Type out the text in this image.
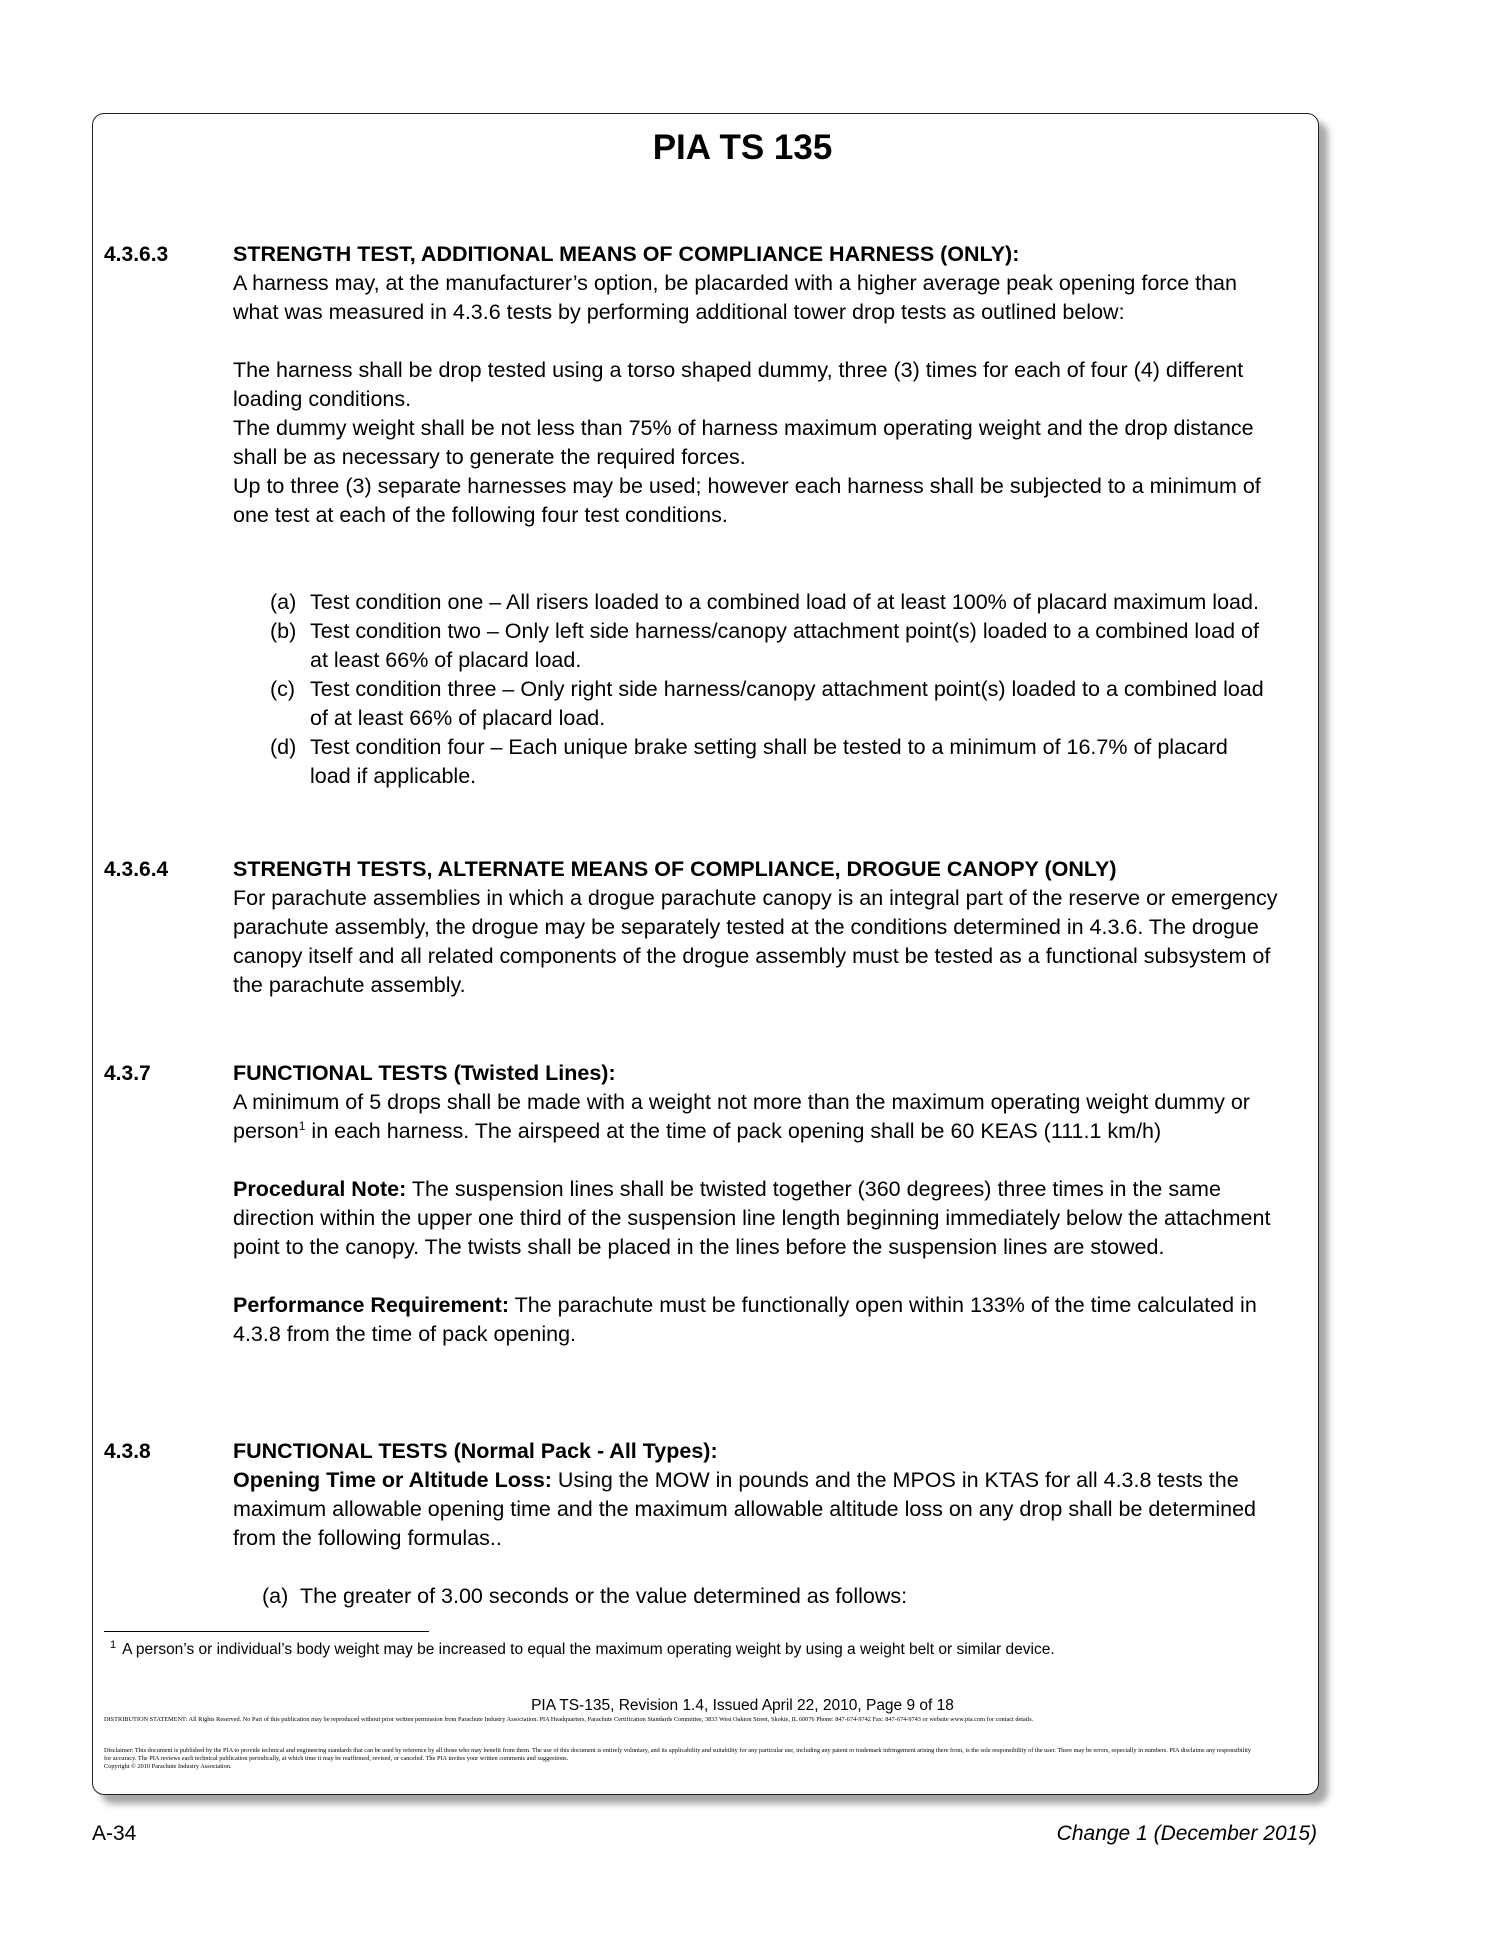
PIA TS 135
4.3.6.3	STRENGTH TEST, ADDITIONAL MEANS OF COMPLIANCE HARNESS (ONLY):

A harness may, at the manufacturer’s option, be placarded with a higher average peak opening force than what was measured in 4.3.6 tests by performing additional tower drop tests as outlined below:

The harness shall be drop tested using a torso shaped dummy, three (3) times for each of four (4) different loading conditions.

The dummy weight shall be not less than 75% of harness maximum operating weight and the drop distance shall be as necessary to generate the required forces.

Up to three (3) separate harnesses may be used; however each harness shall be subjected to a minimum of one test at each of the following four test conditions.

(a) Test condition one – All risers loaded to a combined load of at least 100% of placard maximum load.
(b) Test condition two – Only left side harness/canopy attachment point(s) loaded to a combined load of at least 66% of placard load.
(c) Test condition three – Only right side harness/canopy attachment point(s) loaded to a combined load of at least 66% of placard load.
(d) Test condition four – Each unique brake setting shall be tested to a minimum of 16.7% of placard load if applicable.
4.3.6.4	STRENGTH TESTS, ALTERNATE MEANS OF COMPLIANCE, DROGUE CANOPY (ONLY)

For parachute assemblies in which a drogue parachute canopy is an integral part of the reserve or emergency parachute assembly, the drogue may be separately tested at the conditions determined in 4.3.6. The drogue canopy itself and all related components of the drogue assembly must be tested as a functional subsystem of the parachute assembly.

4.3.7	FUNCTIONAL TESTS (Twisted Lines):

A minimum of 5 drops shall be made with a weight not more than the maximum operating weight dummy or person$^1$ in each harness. The airspeed at the time of pack opening shall be 60 KEAS (111.1 km/h)

Procedural Note: The suspension lines shall be twisted together (360 degrees) three times in the same direction within the upper one third of the suspension line length beginning immediately below the attachment point to the canopy. The twists shall be placed in the lines before the suspension lines are stowed.

Performance Requirement: The parachute must be functionally open within 133% of the time calculated in 4.3.8 from the time of pack opening.

4.3.8	FUNCTIONAL TESTS (Normal Pack - All Types):

Opening Time or Altitude Loss: Using the MOW in pounds and the MPOS in KTAS for all 4.3.8 tests the maximum allowable opening time and the maximum allowable altitude loss on any drop shall be determined from the following formulas..

(a) The greater of 3.00 seconds or the value determined as follows:
$^1$ A person’s or individual’s body weight may be increased to equal the maximum operating weight by using a weight belt or similar device.
PIA TS-135, Revision 1.4, Issued April 22, 2010, Page 9 of 18
DISTRIBUTION STATEMENT: All Rights Reserved. No Part of this publication may be reproduced without prior written permission from Parachute Industry Association. PIA Headquarters, Parachute Certification Standards Committee, 3833 West Oakton Street, Skokie, IL 60076 Phone: 847-674-9742 Fax: 847-674-9743 or website www.pia.com for contact details.
Disclaimer: This document is published by the PIA to provide technical and engineering standards that can be used by reference by all those who may benefit from them. The use of this document is entirely voluntary, and its applicability and suitability for any particular use, including any patent or trademark infringement arising there from, is the sole responsibility of the user. There may be errors, especially in numbers. PIA disclaims any responsibility for accuracy. The PIA reviews each technical publication periodically, at which time it may be reaffirmed, revised, or canceled. The PIA invites your written comments and suggestions.
Copyright © 2010 Parachute Industry Association.
A-34	Change 1 (December 2015)
